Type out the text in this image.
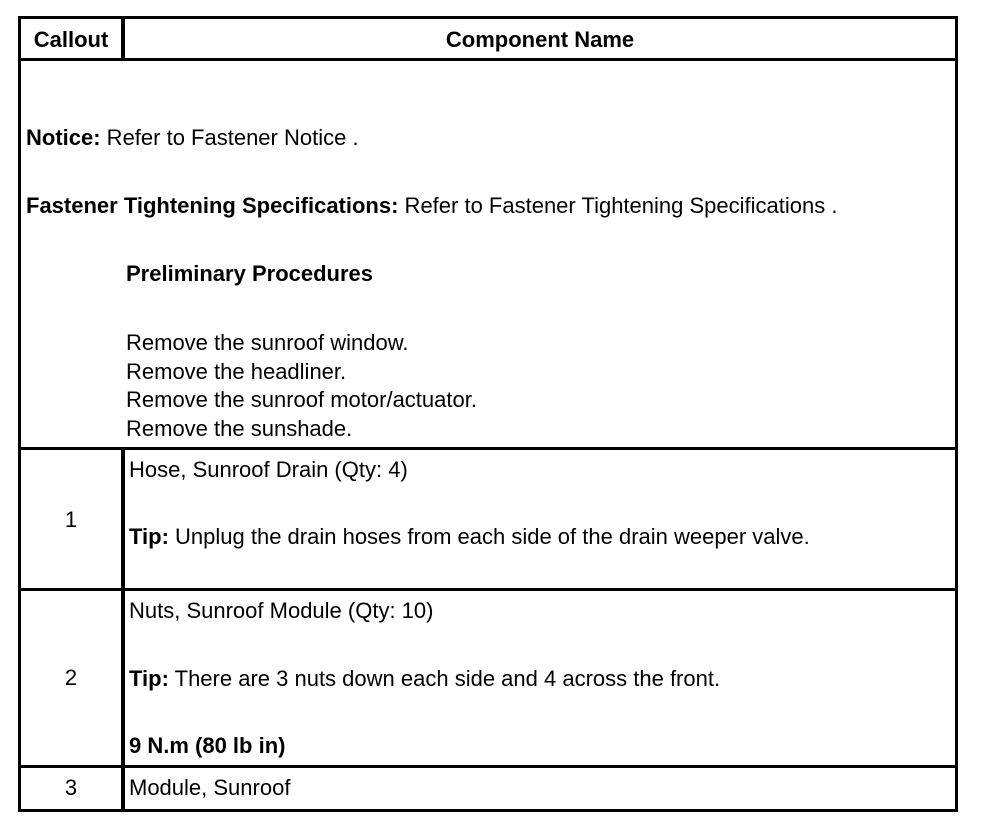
Callout	Component Name
Notice: Refer to Fastener Notice .
Fastener Tightening Specifications: Refer to Fastener Tightening Specifications .
Preliminary Procedures
Remove the sunroof window.
Remove the headliner.
Remove the sunroof motor/actuator.
Remove the sunshade.
1
Hose, Sunroof Drain (Qty: 4)
Tip: Unplug the drain hoses from each side of the drain weeper valve.
2
Nuts, Sunroof Module (Qty: 10)
Tip: There are 3 nuts down each side and 4 across the front.
9 N.m (80 lb in)
3	Module, Sunroof
